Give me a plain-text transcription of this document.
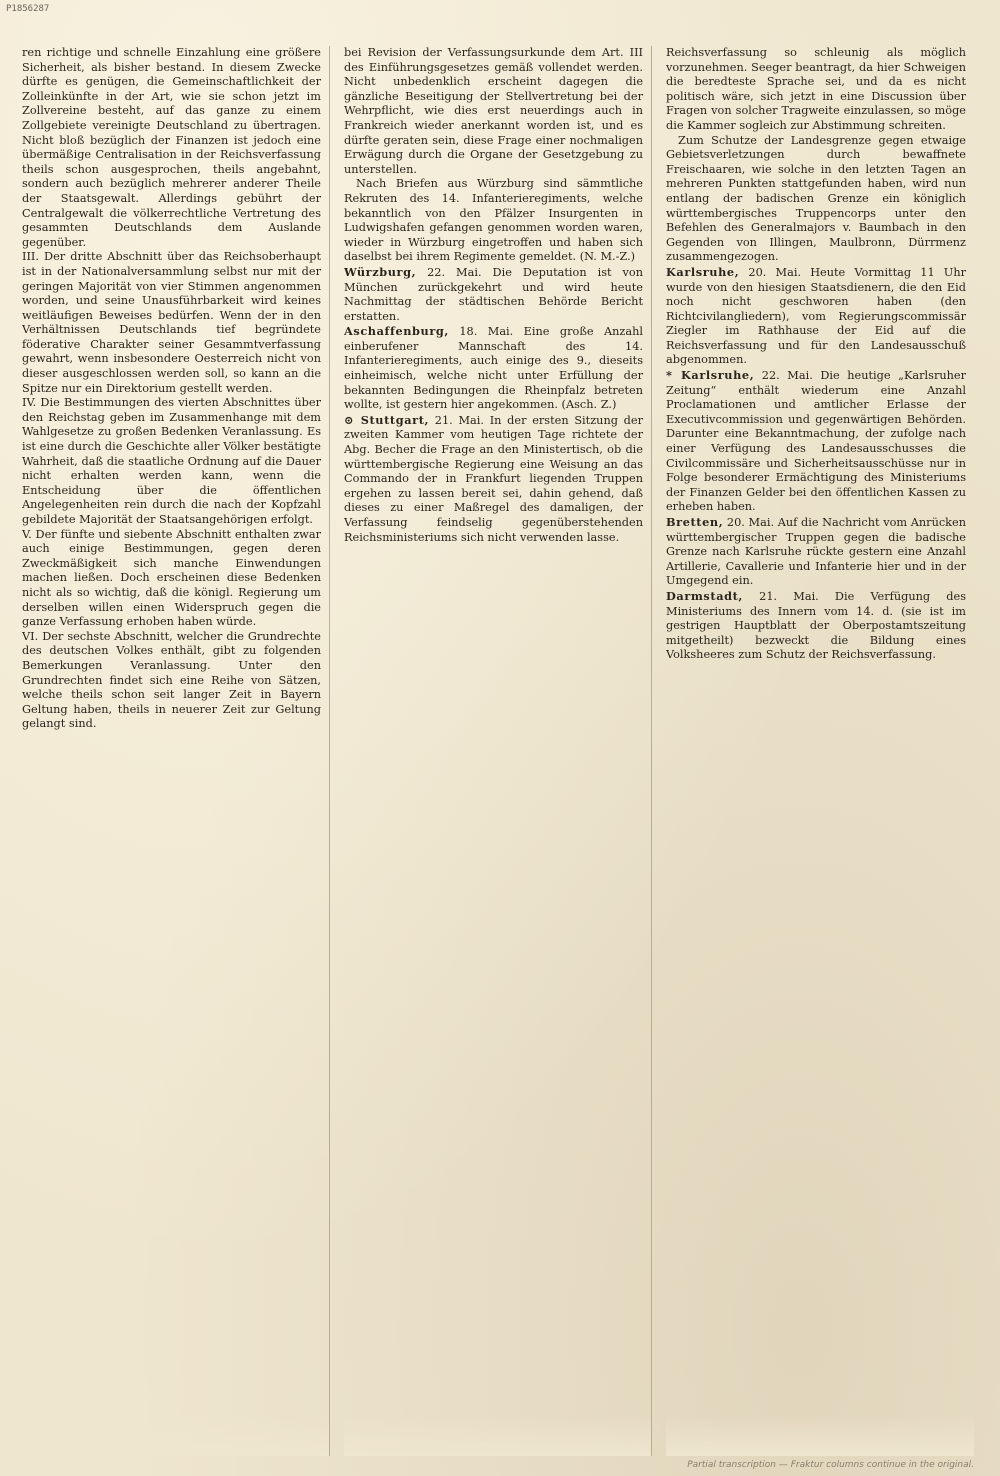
P1856287

ren richtige und schnelle Einzahlung eine größere Sicherheit, als bisher bestand. In diesem Zwecke dürfte es genügen, die Gemeinschaftlichkeit der Zolleinkünfte in der Art, wie sie schon jetzt im Zollvereine besteht, auf das ganze zu einem Zollgebiete vereinigte Deutschland zu übertragen. Nicht bloß bezüglich der Finanzen ist jedoch eine übermäßige Centralisation in der Reichsverfassung theils schon ausgesprochen, theils angebahnt, sondern auch bezüglich mehrerer anderer Theile der Staatsgewalt. Allerdings gebührt der Centralgewalt die völkerrechtliche Vertretung des gesammten Deutschlands dem Auslande gegenüber.

III. Der dritte Abschnitt über das Reichsoberhaupt ist in der Nationalversammlung selbst nur mit der geringen Majorität von vier Stimmen angenommen worden, und seine Unausführbarkeit wird keines weitläufigen Beweises bedürfen. Wenn der in den Verhältnissen Deutschlands tief begründete föderative Charakter seiner Gesammtverfassung gewahrt, wenn insbesondere Oesterreich nicht von dieser ausgeschlossen werden soll, so kann an die Spitze nur ein Direktorium gestellt werden.

IV. Die Bestimmungen des vierten Abschnittes über den Reichstag geben im Zusammenhange mit dem Wahlgesetze zu großen Bedenken Veranlassung. Es ist eine durch die Geschichte aller Völker bestätigte Wahrheit, daß die staatliche Ordnung auf die Dauer nicht erhalten werden kann, wenn die Entscheidung über die öffentlichen Angelegenheiten rein durch die nach der Kopfzahl gebildete Majorität der Staatsangehörigen erfolgt.

V. Der fünfte und siebente Abschnitt enthalten zwar auch einige Bestimmungen, gegen deren Zweckmäßigkeit sich manche Einwendungen machen ließen. Doch erscheinen diese Bedenken nicht als so wichtig, daß die königl. Regierung um derselben willen einen Widerspruch gegen die ganze Verfassung erhoben haben würde.

VI. Der sechste Abschnitt, welcher die Grundrechte des deutschen Volkes enthält, gibt zu folgenden Bemerkungen Veranlassung. Unter den Grundrechten findet sich eine Reihe von Sätzen, welche theils schon seit langer Zeit in Bayern Geltung haben, theils in neuerer Zeit zur Geltung gelangt sind.

bei Revision der Verfassungsurkunde dem Art. III des Einführungsgesetzes gemäß vollendet werden. Nicht unbedenklich erscheint dagegen die gänzliche Beseitigung der Stellvertretung bei der Wehrpflicht, wie dies erst neuerdings auch in Frankreich wieder anerkannt worden ist, und es dürfte geraten sein, diese Frage einer nochmaligen Erwägung durch die Organe der Gesetzgebung zu unterstellen.

Nach Briefen aus Würzburg sind sämmtliche Rekruten des 14. Infanterieregiments, welche bekanntlich von den Pfälzer Insurgenten in Ludwigshafen gefangen genommen worden waren, wieder in Würzburg eingetroffen und haben sich daselbst bei ihrem Regimente gemeldet. (N. M.-Z.)

Würzburg, 22. Mai. Die Deputation ist von München zurückgekehrt und wird heute Nachmittag der städtischen Behörde Bericht erstatten.

Aschaffenburg, 18. Mai. Eine große Anzahl einberufener Mannschaft des 14. Infanterieregiments, auch einige des 9., dieseits einheimisch, welche nicht unter Erfüllung der bekannten Bedingungen die Rheinpfalz betreten wollte, ist gestern hier angekommen. (Asch. Z.)

⊙ Stuttgart, 21. Mai. In der ersten Sitzung der zweiten Kammer vom heutigen Tage richtete der Abg. Becher die Frage an den Ministertisch, ob die württembergische Regierung eine Weisung an das Commando der in Frankfurt liegenden Truppen ergehen zu lassen bereit sei, dahin gehend, daß dieses zu einer Maßregel des damaligen, der Verfassung feindselig gegenüberstehenden Reichsministeriums sich nicht verwenden lasse.

Reichsverfassung so schleunig als möglich vorzunehmen. Seeger beantragt, da hier Schweigen die beredteste Sprache sei, und da es nicht politisch wäre, sich jetzt in eine Discussion über Fragen von solcher Tragweite einzulassen, so möge die Kammer sogleich zur Abstimmung schreiten.

Zum Schutze der Landesgrenze gegen etwaige Gebietsverletzungen durch bewaffnete Freischaaren, wie solche in den letzten Tagen an mehreren Punkten stattgefunden haben, wird nun entlang der badischen Grenze ein königlich württembergisches Truppencorps unter den Befehlen des Generalmajors v. Baumbach in den Gegenden von Illingen, Maulbronn, Dürrmenz zusammengezogen.

Karlsruhe, 20. Mai. Heute Vormittag 11 Uhr wurde von den hiesigen Staatsdienern, die den Eid noch nicht geschworen haben (den Richtcivilangliedern), vom Regierungscommissär Ziegler im Rathhause der Eid auf die Reichsverfassung und für den Landesausschuß abgenommen.

* Karlsruhe, 22. Mai. Die heutige „Karlsruher Zeitung“ enthält wiederum eine Anzahl Proclamationen und amtlicher Erlasse der Executivcommission und gegenwärtigen Behörden. Darunter eine Bekanntmachung, der zufolge nach einer Verfügung des Landesausschusses die Civilcommissäre und Sicherheitsausschüsse nur in Folge besonderer Ermächtigung des Ministeriums der Finanzen Gelder bei den öffentlichen Kassen zu erheben haben.

Bretten, 20. Mai. Auf die Nachricht vom Anrücken württembergischer Truppen gegen die badische Grenze nach Karlsruhe rückte gestern eine Anzahl Artillerie, Cavallerie und Infanterie hier und in der Umgegend ein.

Darmstadt, 21. Mai. Die Verfügung des Ministeriums des Innern vom 14. d. (sie ist im gestrigen Hauptblatt der Oberpostamtszeitung mitgetheilt) bezweckt die Bildung eines Volksheeres zum Schutz der Reichsverfassung.

Partial transcription — Fraktur columns continue in the original.
